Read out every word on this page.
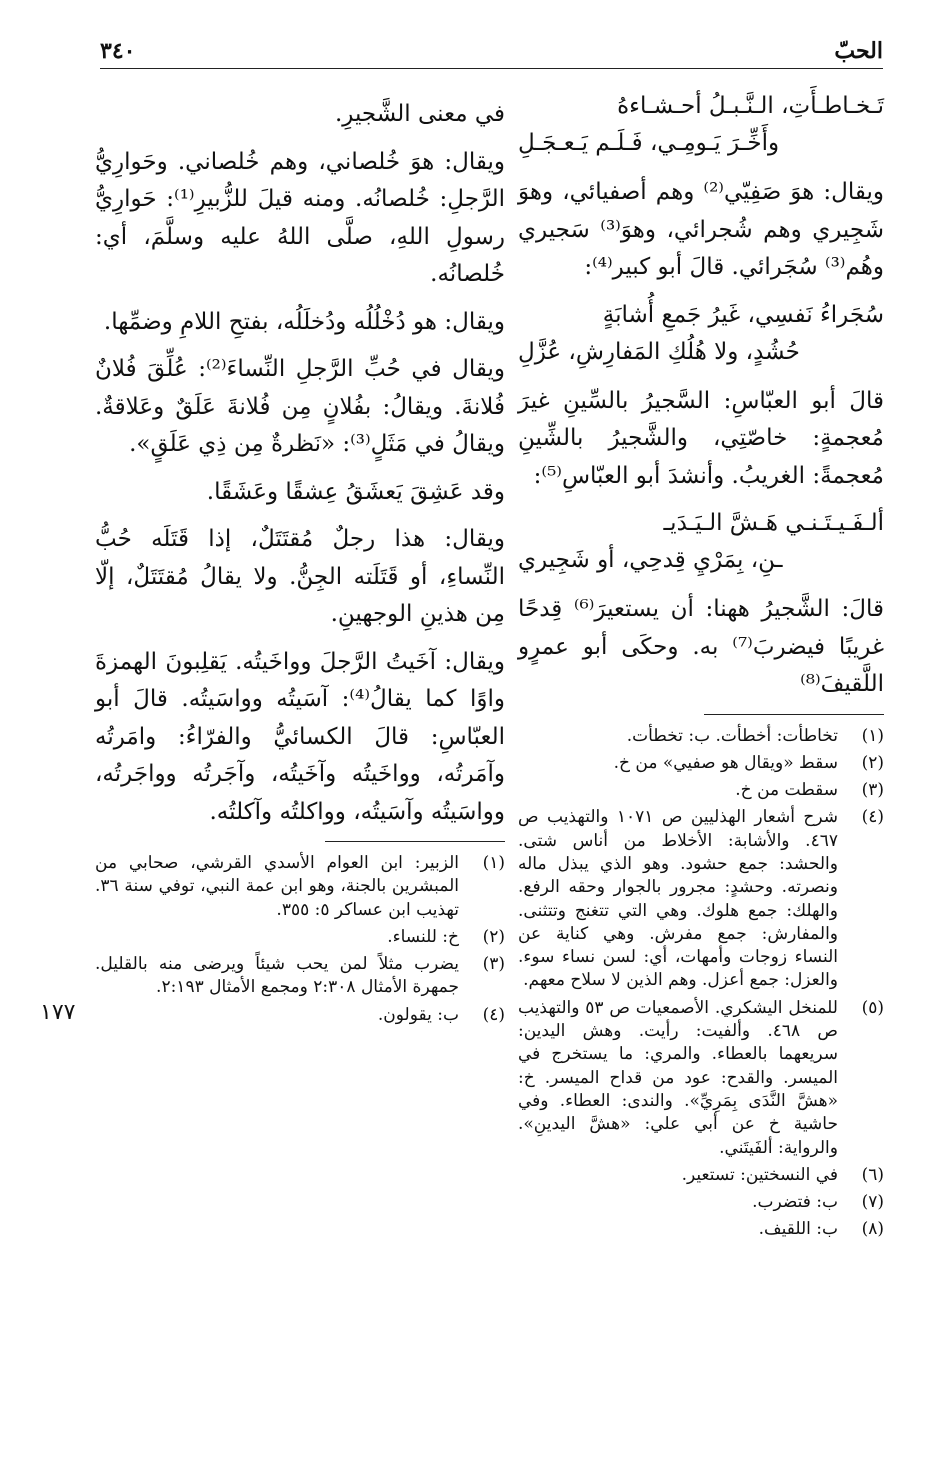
الحبّ
٣٤٠
تَـخـاطـأَتِ، الـنَّـبـلُ أحـشـاءهُ
وأَخِّـرَ يَـومِـي، فَـلَـم يَـعـجَـلِ

ويقال: هوَ صَفِيّي⁽²⁾ وهم أصفيائي، وهوَ شَجِيري وهم شُجرائي، وهوَ⁽³⁾ سَجيري وهُم⁽³⁾ سُجَرائي. قالَ أبو كبير⁽⁴⁾:

سُجَراءُ نَفسِي، غَيرُ جَمعِ أُشابَةٍ
حُشُدٍ، ولا هُلُكِ المَفارِشِ، عُزَّلِ

قالَ أبو العبّاسِ: السَّجيرُ بالسِّينِ غيرَ مُعجمةٍ: خاصّتِي، والشَّجيرُ بالشِّينِ مُعجمةً: الغريبُ. وأنشدَ أبو العبّاسِ⁽⁵⁾:

ألـفَـيـتَـنـي هَـشَّ الـيَـدَيـ
ـنِ، بِمَرْيِ قِدحِي، أو شَجِيري

قالَ: الشَّجيرُ ههنا: أن يستعيرَ⁽⁶⁾ قِدحًا غريبًا فيضربَ⁽⁷⁾ به. وحكَى أبو عمرٍو اللَّقيفَ⁽⁸⁾

(١)
تخاطأت: أخطأت. ب: تخطأت.
(٢)
سقط «ويقال هو صفيي» من خ.
(٣)
سقطت من خ.
(٤)
شرح أشعار الهذليين ص ١٠٧١ والتهذيب ص ٤٦٧. والأشابة: الأخلاط من أناس شتى. والحشد: جمع حشود. وهو الذي يبذل ماله ونصرته. وحشدٍ: مجرور بالجوار وحقه الرفع. والهلك: جمع هلوك. وهي التي تتغنج وتتثنى. والمفارش: جمع مفرش. وهي كناية عن النساء زوجات وأمهات، أي: لسن نساء سوء. والعزل: جمع أعزل. وهم الذين لا سلاح معهم.
(٥)
للمنخل اليشكري. الأصمعيات ص ٥٣ والتهذيب ص ٤٦٨. وألفيت: رأيت. وهش اليدين: سريعهما بالعطاء. والمري: ما يستخرج في الميسر. والقدح: عود من قداح الميسر. خ: «هشَّ النَّدَى بِمَرِيِّ». والندى: العطاء. وفي حاشية خ عن أبي علي: «هشَّ اليدينِ». والرواية: ألفَيتَني.
(٦)
في النسختين: تستعير.
(٧)
ب: فتضرب.
(٨)
ب: اللقيف.

في معنى الشَّجيرِ.

ويقال: هوَ خُلصاني، وهم خُلصاني. وحَوارِيُّ الرَّجلِ: خُلصانُه. ومنه قيلَ للزُّبيرِ⁽¹⁾: حَوارِيُّ رسولِ اللهِ، صلَّى اللهُ عليه وسلَّمَ، أي: خُلصانُه.

ويقال: هو دُخْلُلُه ودُخلَلُه، بفتحِ اللامِ وضمِّها.

ويقال في حُبِّ الرَّجلِ النِّساءَ⁽²⁾: عُلِّقَ فُلانٌ فُلانةَ. ويقالُ: بفُلانٍ مِن فُلانةَ عَلَقٌ وعَلاقةٌ. ويقالُ في مَثَلٍ⁽³⁾: «نَظرةٌ مِن ذِي عَلَقٍ».

وقد عَشِقَ يَعشَقُ عِشقًا وعَشَقًا.

ويقال: هذا رجلٌ مُقتَتَلٌ، إذا قَتَلَه حُبُّ النِّساءِ، أو قَتَلَته الجِنُّ. ولا يقالُ مُقتَتَلٌ، إلّا مِن هذينِ الوجهينِ.

ويقال: آخَيتُ الرَّجلَ وواخَيتُه. يَقلِبونَ الهمزةَ واوًا كما يقالُ⁽⁴⁾: آسَيتُه وواسَيتُه. قالَ أبو العبّاسِ: قالَ الكسائيُّ والفرّاءُ: وامَرتُه وآمَرتُه، وواخَيتُه وآخَيتُه، وآجَرتُه وواجَرتُه، وواسَيتُه وآسَيتُه، وواكلتُه وآكلتُه.

(١)
الزبير: ابن العوام الأسدي القرشي، صحابي من المبشرين بالجنة، وهو ابن عمة النبي، توفي سنة ٣٦. تهذيب ابن عساكر ٥: ٣٥٥.
(٢)
خ: للنساء.
(٣)
يضرب مثلاً لمن يحب شيئاً ويرضى منه بالقليل. جمهرة الأمثال ٢:٣٠٨ ومجمع الأمثال ٢:١٩٣.
(٤)
ب: يقولون.
١٧٧
